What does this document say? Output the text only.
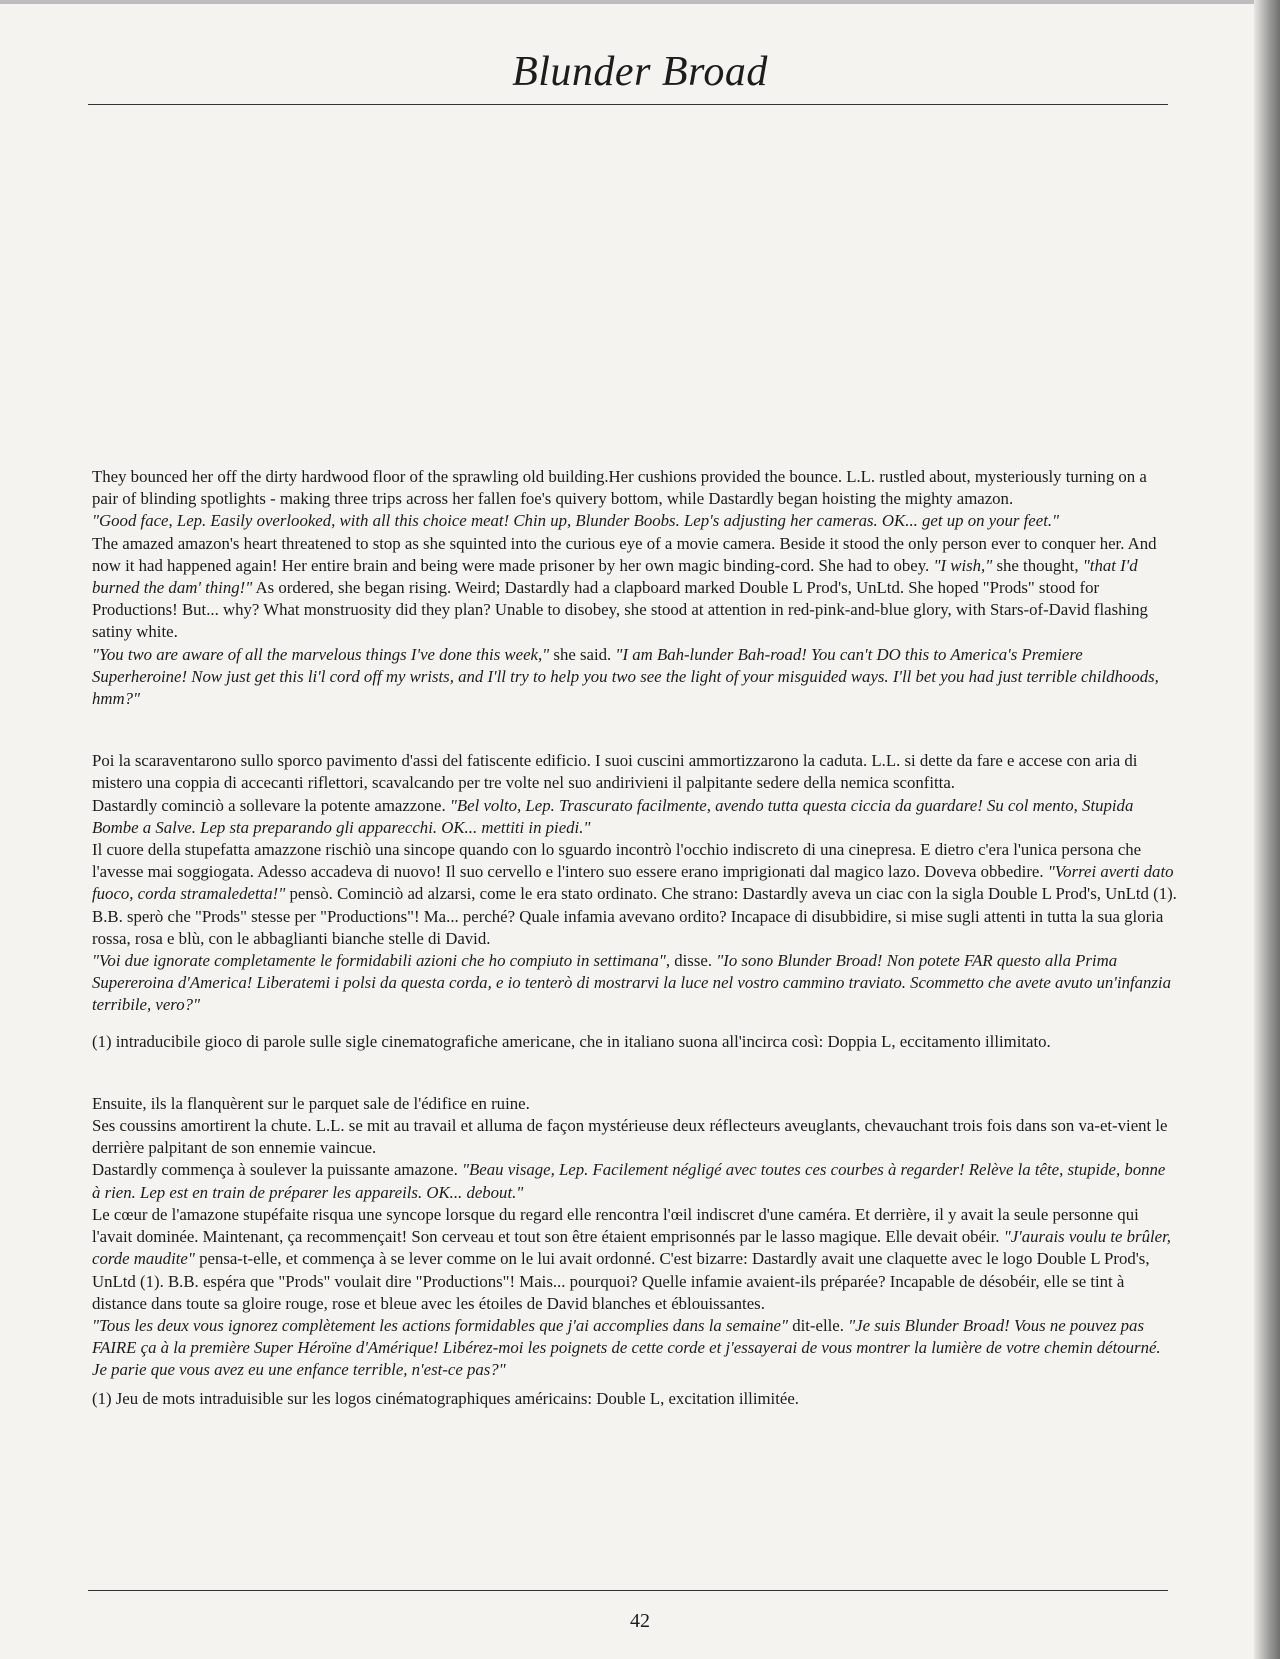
Blunder Broad

They bounced her off the dirty hardwood floor of the sprawling old building.Her cushions provided the bounce. L.L. rustled about, mysteriously turning on a pair of blinding spotlights - making three trips across her fallen foe's quivery bottom, while Dastardly began hoisting the mighty amazon.

"Good face, Lep. Easily overlooked, with all this choice meat! Chin up, Blunder Boobs. Lep's adjusting her cameras. OK... get up on your feet."

The amazed amazon's heart threatened to stop as she squinted into the curious eye of a movie camera. Beside it stood the only person ever to conquer her. And now it had happened again! Her entire brain and being were made prisoner by her own magic binding-cord. She had to obey. "I wish," she thought, "that I'd burned the dam' thing!" As ordered, she began rising. Weird; Dastardly had a clapboard marked Double L Prod's, UnLtd. She hoped "Prods" stood for Productions! But... why? What monstruosity did they plan? Unable to disobey, she stood at attention in red-pink-and-blue glory, with Stars-of-David flashing satiny white.

"You two are aware of all the marvelous things I've done this week," she said. "I am Bah-lunder Bah-road! You can't DO this to America's Premiere Superheroine! Now just get this li'l cord off my wrists, and I'll try to help you two see the light of your misguided ways. I'll bet you had just terrible childhoods, hmm?"

Poi la scaraventarono sullo sporco pavimento d'assi del fatiscente edificio. I suoi cuscini ammortizzarono la caduta. L.L. si dette da fare e accese con aria di mistero una coppia di accecanti riflettori, scavalcando per tre volte nel suo andirivieni il palpitante sedere della nemica sconfitta.

Dastardly cominciò a sollevare la potente amazzone. "Bel volto, Lep. Trascurato facilmente, avendo tutta questa ciccia da guardare! Su col mento, Stupida Bombe a Salve. Lep sta preparando gli apparecchi. OK... mettiti in piedi."

Il cuore della stupefatta amazzone rischiò una sincope quando con lo sguardo incontrò l'occhio indiscreto di una cinepresa. E dietro c'era l'unica persona che l'avesse mai soggiogata. Adesso accadeva di nuovo! Il suo cervello e l'intero suo essere erano imprigionati dal magico lazo. Doveva obbedire. "Vorrei averti dato fuoco, corda stramaledetta!" pensò. Cominciò ad alzarsi, come le era stato ordinato. Che strano: Dastardly aveva un ciac con la sigla Double L Prod's, UnLtd (1). B.B. sperò che "Prods" stesse per "Productions"! Ma... perché? Quale infamia avevano ordito? Incapace di disubbidire, si mise sugli attenti in tutta la sua gloria rossa, rosa e blù, con le abbaglianti bianche stelle di David.

"Voi due ignorate completamente le formidabili azioni che ho compiuto in settimana", disse. "Io sono Blunder Broad! Non potete FAR questo alla Prima Supereroina d'America! Liberatemi i polsi da questa corda, e io tenterò di mostrarvi la luce nel vostro cammino traviato. Scommetto che avete avuto un'infanzia terribile, vero?"

(1) intraducibile gioco di parole sulle sigle cinematografiche americane, che in italiano suona all'incirca così: Doppia L, eccitamento illimitato.

Ensuite, ils la flanquèrent sur le parquet sale de l'édifice en ruine.

Ses coussins amortirent la chute. L.L. se mit au travail et alluma de façon mystérieuse deux réflecteurs aveuglants, chevauchant trois fois dans son va-et-vient le derrière palpitant de son ennemie vaincue.

Dastardly commença à soulever la puissante amazone. "Beau visage, Lep. Facilement négligé avec toutes ces courbes à regarder! Relève la tête, stupide, bonne à rien. Lep est en train de préparer les appareils. OK... debout."

Le cœur de l'amazone stupéfaite risqua une syncope lorsque du regard elle rencontra l'œil indiscret d'une caméra. Et derrière, il y avait la seule personne qui l'avait dominée. Maintenant, ça recommençait! Son cerveau et tout son être étaient emprisonnés par le lasso magique. Elle devait obéir. "J'aurais voulu te brûler, corde maudite" pensa-t-elle, et commença à se lever comme on le lui avait ordonné. C'est bizarre: Dastardly avait une claquette avec le logo Double L Prod's, UnLtd (1). B.B. espéra que "Prods" voulait dire "Productions"! Mais... pourquoi? Quelle infamie avaient-ils préparée? Incapable de désobéir, elle se tint à distance dans toute sa gloire rouge, rose et bleue avec les étoiles de David blanches et éblouissantes.

"Tous les deux vous ignorez complètement les actions formidables que j'ai accomplies dans la semaine" dit-elle. "Je suis Blunder Broad! Vous ne pouvez pas FAIRE ça à la première Super Héroïne d'Amérique! Libérez-moi les poignets de cette corde et j'essayerai de vous montrer la lumière de votre chemin détourné. Je parie que vous avez eu une enfance terrible, n'est-ce pas?"

(1) Jeu de mots intraduisible sur les logos cinématographiques américains: Double L, excitation illimitée.

42
